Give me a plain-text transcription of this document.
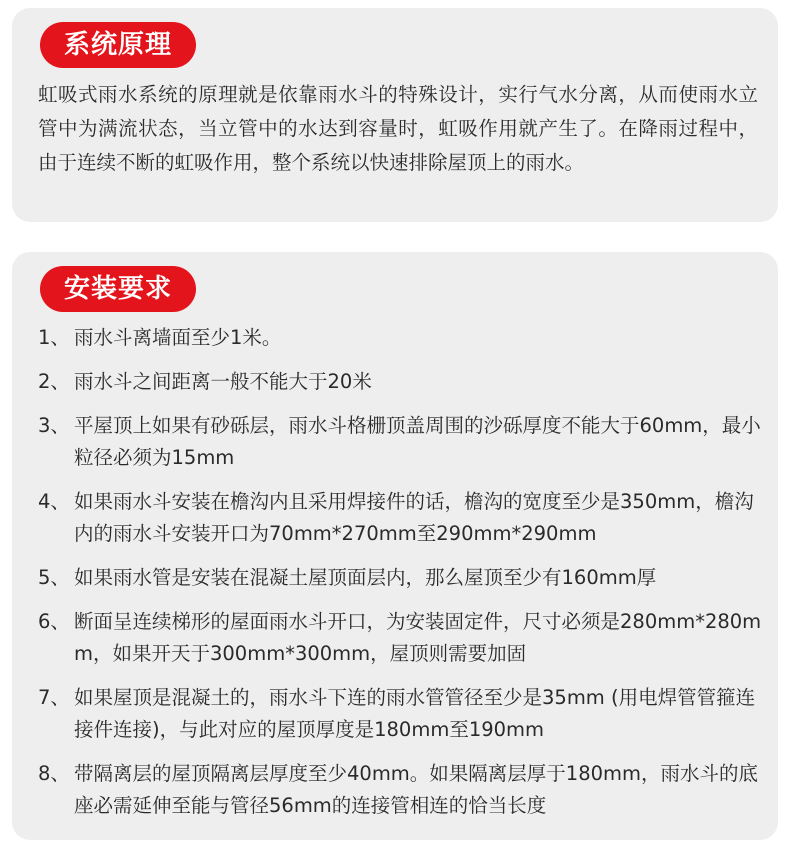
系统原理

虹吸式雨水系统的原理就是依靠雨水斗的特殊设计，实行气水分离，从而使雨水立管中为满流状态，当立管中的水达到容量时，虹吸作用就产生了。在降雨过程中，由于连续不断的虹吸作用，整个系统以快速排除屋顶上的雨水。

安装要求
1、 雨水斗离墙面至少1米。
2、 雨水斗之间距离一般不能大于20米
3、 平屋顶上如果有砂砾层，雨水斗格栅顶盖周围的沙砾厚度不能大于60mm，最小粒径必须为15mm
4、 如果雨水斗安装在檐沟内且采用焊接件的话，檐沟的宽度至少是350mm，檐沟内的雨水斗安装开口为70mm*270mm至290mm*290mm
5、 如果雨水管是安装在混凝土屋顶面层内，那么屋顶至少有160mm厚
6、 断面呈连续梯形的屋面雨水斗开口，为安装固定件，尺寸必须是280mm*280mm，如果开天于300mm*300mm，屋顶则需要加固
7、 如果屋顶是混凝土的，雨水斗下连的雨水管管径至少是35mm (用电焊管管箍连接件连接)，与此对应的屋顶厚度是180mm至190mm
8、 带隔离层的屋顶隔离层厚度至少40mm。如果隔离层厚于180mm，雨水斗的底座必需延伸至能与管径56mm的连接管相连的恰当长度
